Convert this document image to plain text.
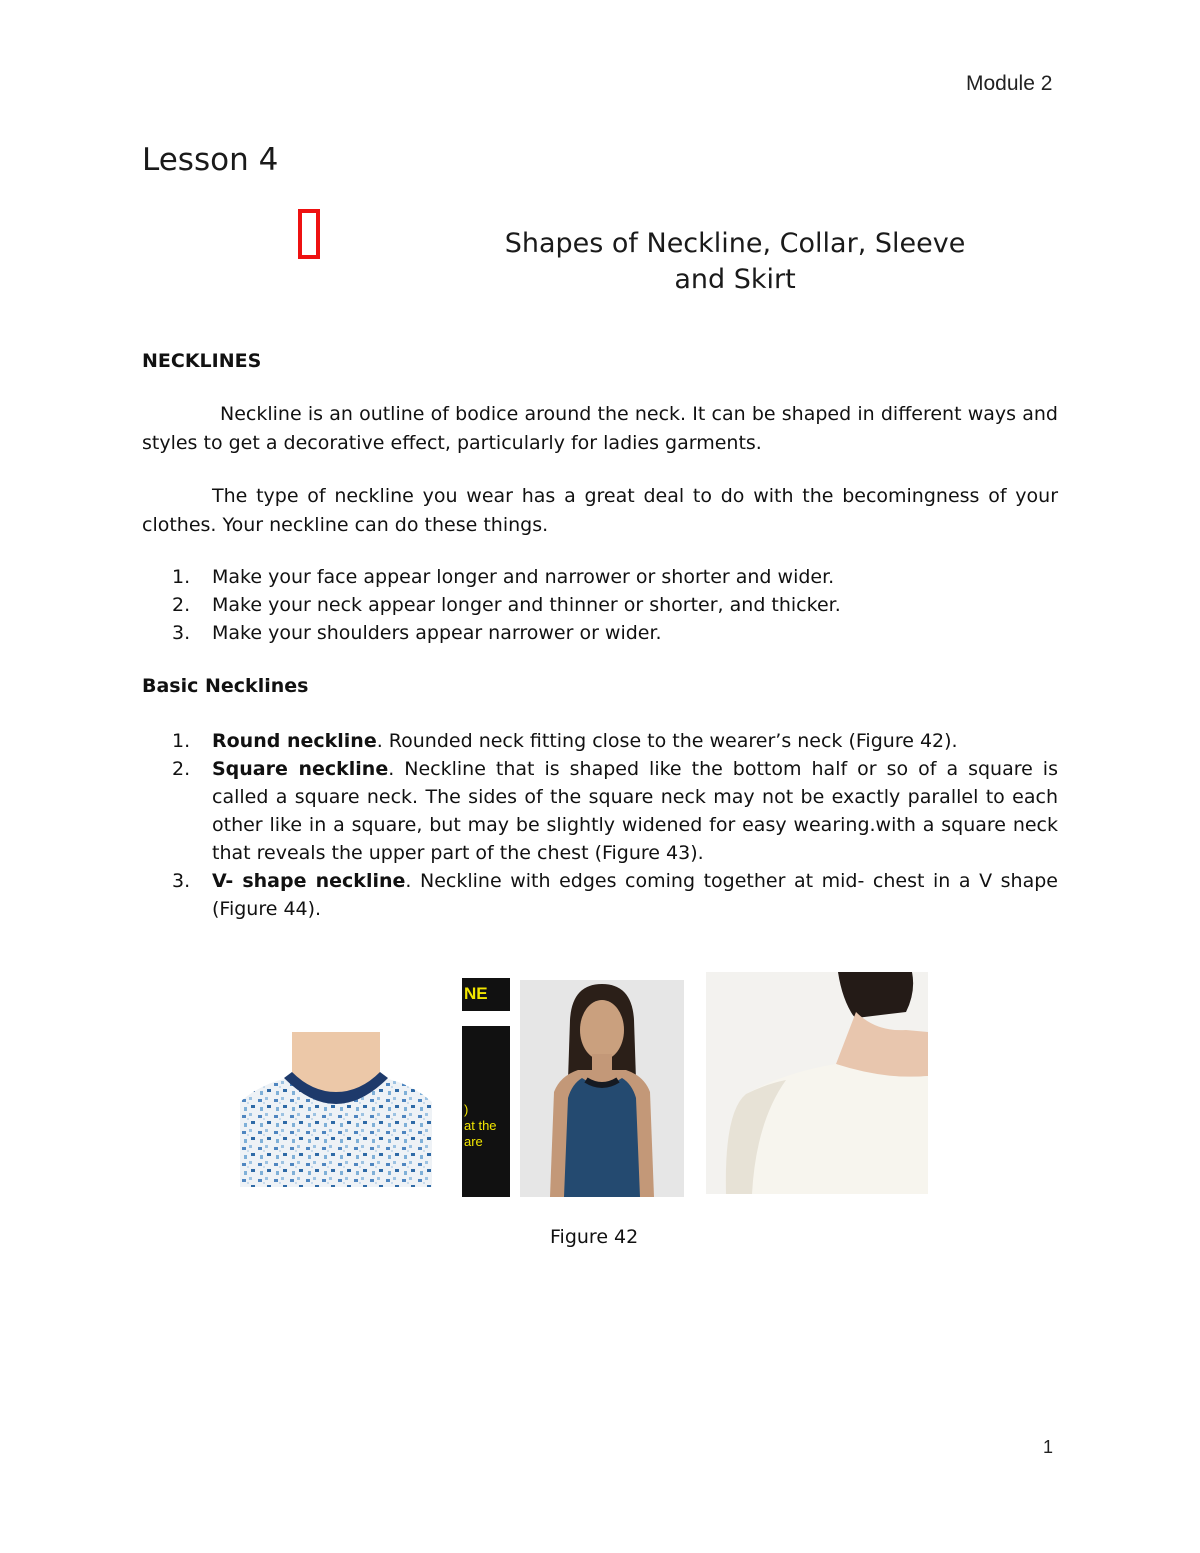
Module 2
Lesson 4
Shapes of Neckline, Collar, Sleeve
and Skirt
NECKLINES
Neckline is an outline of bodice around the neck. It can be shaped in different ways and styles to get a decorative effect, particularly for ladies garments.
The type of neckline you wear has a great deal to do with the becomingness of your clothes. Your neckline can do these things.
1. Make your face appear longer and narrower or shorter and wider.
2. Make your neck appear longer and thinner or shorter, and thicker.
3. Make your shoulders appear narrower or wider.
Basic Necklines
1. Round neckline. Rounded neck fitting close to the wearer’s neck (Figure 42).
2. Square neckline. Neckline that is shaped like the bottom half or so of a square is called a square neck. The sides of the square neck may not be exactly parallel to each other like in a square, but may be slightly widened for easy wearing.with a square neck that reveals the upper part of the chest (Figure 43).
3. V- shape neckline. Neckline with edges coming together at mid- chest in a V shape (Figure 44).
NE
)
at the
are
Figure 42
1
